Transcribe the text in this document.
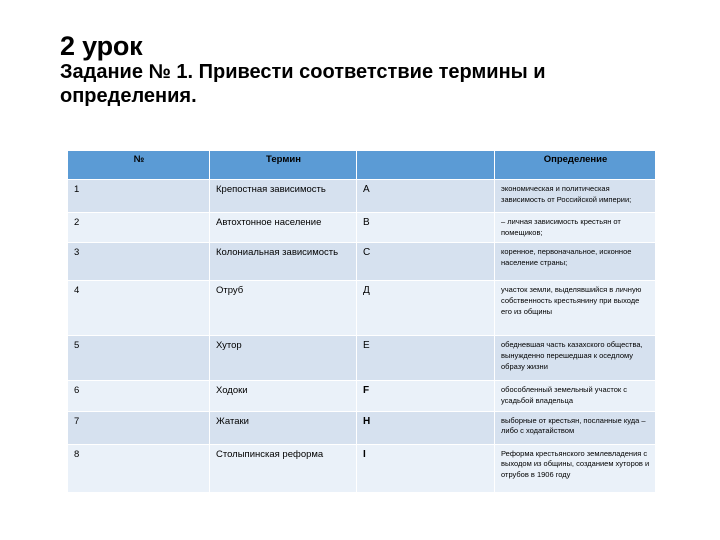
2 урок
Задание № 1. Привести соответствие термины и определения.
№	Термин		Определение
1	Крепостная зависимость	А	экономическая и политическая зависимость от Российской империи;
2	Автохтонное население	В	– личная зависимость крестьян от помещиков;
3	Колониальная зависимость	С	коренное, первоначальное, исконное население страны;
4	Отруб	Д	участок земли, выделявшийся в личную собственность крестьянину при выходе его из общины
5	Хутор	Е	обедневшая часть казахского общества, вынужденно перешедшая к оседлому образу жизни
6	Ходоки	F	обособленный земельный участок с усадьбой владельца
7	Жатаки	H	выборные от крестьян, посланные куда – либо с ходатайством
8	Столыпинская реформа	I	Реформа крестьянского землевладения с выходом из общины, созданием хуторов и отрубов в 1906 году
